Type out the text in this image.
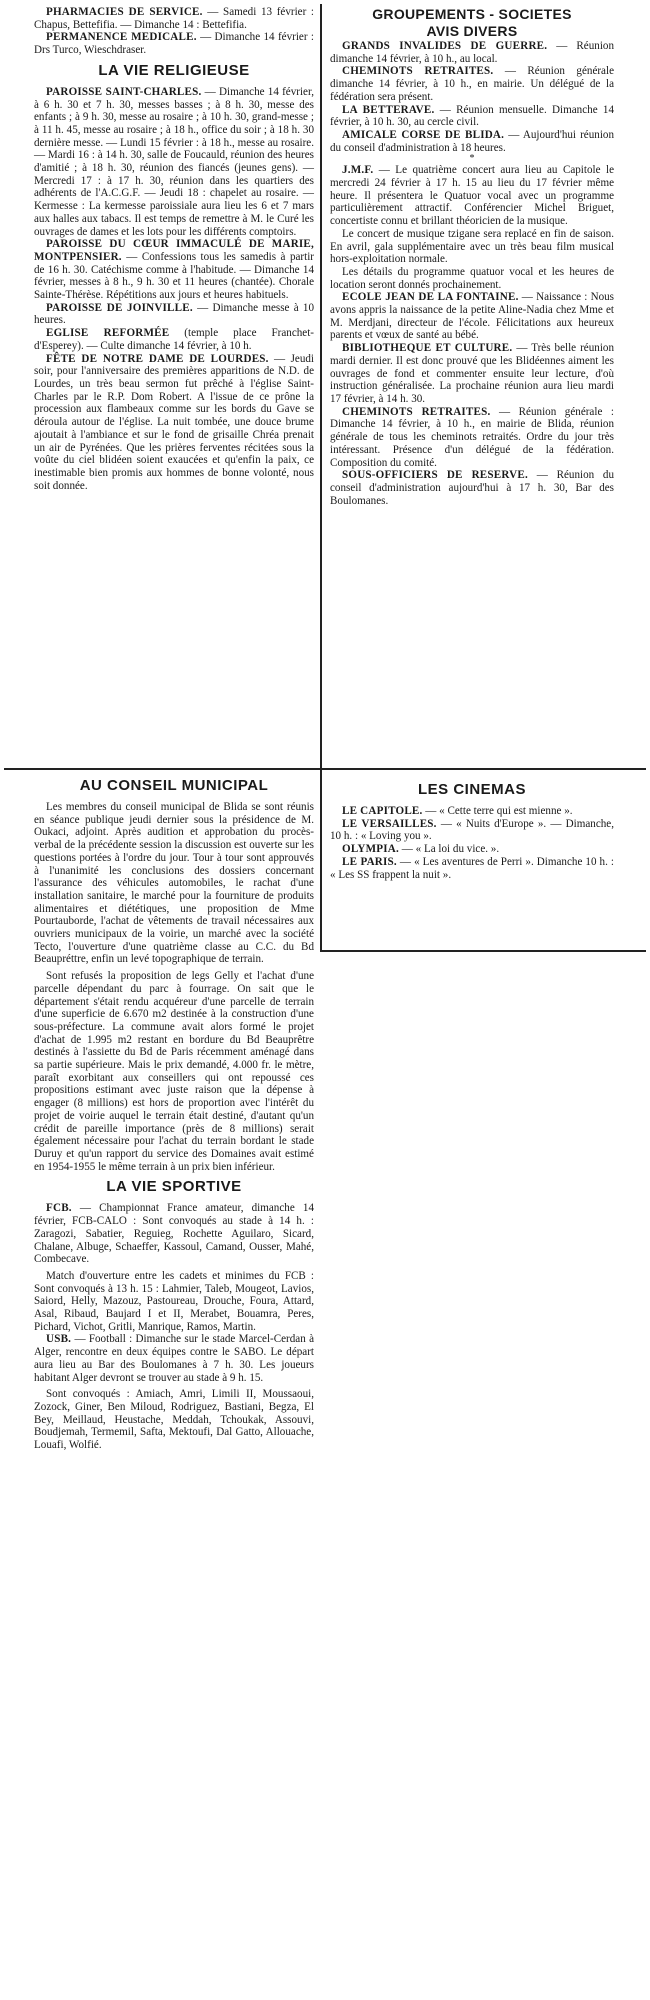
PHARMACIES DE SERVICE. — Samedi 13 février : Chapus, Bettefifia. — Dimanche 14 : Bettefifia.

PERMANENCE MEDICALE. — Dimanche 14 février : Drs Turco, Wieschdraser.

LA VIE RELIGIEUSE

PAROISSE SAINT-CHARLES. — Dimanche 14 février, à 6 h. 30 et 7 h. 30, messes basses ; à 8 h. 30, messe des enfants ; à 9 h. 30, messe au rosaire ; à 10 h. 30, grand-messe ; à 11 h. 45, messe au rosaire ; à 18 h., office du soir ; à 18 h. 30 dernière messe. — Lundi 15 février : à 18 h., messe au rosaire. — Mardi 16 : à 14 h. 30, salle de Foucauld, réunion des heures d'amitié ; à 18 h. 30, réunion des fiancés (jeunes gens). — Mercredi 17 : à 17 h. 30, réunion dans les quartiers des adhérents de l'A.C.G.F. — Jeudi 18 : chapelet au rosaire. — Kermesse : La kermesse paroissiale aura lieu les 6 et 7 mars aux halles aux tabacs. Il est temps de remettre à M. le Curé les ouvrages de dames et les lots pour les différents comptoirs.

PAROISSE DU CŒUR IMMACULÉ DE MARIE, MONTPENSIER. — Confessions tous les samedis à partir de 16 h. 30. Catéchisme comme à l'habitude. — Dimanche 14 février, messes à 8 h., 9 h. 30 et 11 heures (chantée). Chorale Sainte-Thérèse. Répétitions aux jours et heures habituels.

PAROISSE DE JOINVILLE. — Dimanche messe à 10 heures.

EGLISE REFORMÉE (temple place Franchet-d'Esperey). — Culte dimanche 14 février, à 10 h.

FÊTE DE NOTRE DAME DE LOURDES. — Jeudi soir, pour l'anniversaire des premières apparitions de N.D. de Lourdes, un très beau sermon fut prêché à l'église Saint-Charles par le R.P. Dom Robert. A l'issue de ce prône la procession aux flambeaux comme sur les bords du Gave se déroula autour de l'église. La nuit tombée, une douce brume ajoutait à l'ambiance et sur le fond de grisaille Chréa prenait un air de Pyrénées. Que les prières ferventes récitées sous la voûte du ciel blidéen soient exaucées et qu'enfin la paix, ce inestimable bien promis aux hommes de bonne volonté, nous soit donnée.

GROUPEMENTS - SOCIETES
AVIS DIVERS

GRANDS INVALIDES DE GUERRE. — Réunion dimanche 14 février, à 10 h., au local.

CHEMINOTS RETRAITES. — Réunion générale dimanche 14 février, à 10 h., en mairie. Un délégué de la fédération sera présent.

LA BETTERAVE. — Réunion mensuelle. Dimanche 14 février, à 10 h. 30, au cercle civil.

AMICALE CORSE DE BLIDA. — Aujourd'hui réunion du conseil d'administration à 18 heures.

*

J.M.F. — Le quatrième concert aura lieu au Capitole le mercredi 24 février à 17 h. 15 au lieu du 17 février même heure. Il présentera le Quatuor vocal avec un programme particulièrement attractif. Conférencier Michel Briguet, concertiste connu et brillant théoricien de la musique.

Le concert de musique tzigane sera replacé en fin de saison. En avril, gala supplémentaire avec un très beau film musical hors-exploitation normale.

Les détails du programme quatuor vocal et les heures de location seront donnés prochainement.

ECOLE JEAN DE LA FONTAINE. — Naissance : Nous avons appris la naissance de la petite Aline-Nadia chez Mme et M. Merdjani, directeur de l'école. Félicitations aux heureux parents et vœux de santé au bébé.

BIBLIOTHEQUE ET CULTURE. — Très belle réunion mardi dernier. Il est donc prouvé que les Blidéennes aiment les ouvrages de fond et commenter ensuite leur lecture, d'où instruction généralisée. La prochaine réunion aura lieu mardi 17 février, à 14 h. 30.

CHEMINOTS RETRAITES. — Réunion générale : Dimanche 14 février, à 10 h., en mairie de Blida, réunion générale de tous les cheminots retraités. Ordre du jour très intéressant. Présence d'un délégué de la fédération. Composition du comité.

SOUS-OFFICIERS DE RESERVE. — Réunion du conseil d'administration aujourd'hui à 17 h. 30, Bar des Boulomanes.

AU CONSEIL MUNICIPAL

Les membres du conseil municipal de Blida se sont réunis en séance publique jeudi dernier sous la présidence de M. Oukaci, adjoint. Après audition et approbation du procès-verbal de la précédente session la discussion est ouverte sur les questions portées à l'ordre du jour. Tour à tour sont approuvés à l'unanimité les conclusions des dossiers concernant l'assurance des véhicules automobiles, le rachat d'une installation sanitaire, le marché pour la fourniture de produits alimentaires et diététiques, une proposition de Mme Pourtauborde, l'achat de vêtements de travail nécessaires aux ouvriers municipaux de la voirie, un marché avec la société Tecto, l'ouverture d'une quatrième classe au C.C. du Bd Beaupréttre, enfin un levé topographique de terrain.

Sont refusés la proposition de legs Gelly et l'achat d'une parcelle dépendant du parc à fourrage. On sait que le département s'était rendu acquéreur d'une parcelle de terrain d'une superficie de 6.670 m2 destinée à la construction d'une sous-préfecture. La commune avait alors formé le projet d'achat de 1.995 m2 restant en bordure du Bd Beauprêtre destinés à l'assiette du Bd de Paris récemment aménagé dans sa partie supérieure. Mais le prix demandé, 4.000 fr. le mètre, paraît exorbitant aux conseillers qui ont repoussé ces propositions estimant avec juste raison que la dépense à engager (8 millions) est hors de proportion avec l'intérêt du projet de voirie auquel le terrain était destiné, d'autant qu'un crédit de pareille importance (près de 8 millions) serait également nécessaire pour l'achat du terrain bordant le stade Duruy et qu'un rapport du service des Domaines avait estimé en 1954-1955 le même terrain à un prix bien inférieur.

LA VIE SPORTIVE

FCB. — Championnat France amateur, dimanche 14 février, FCB-CALO : Sont convoqués au stade à 14 h. : Zaragozi, Sabatier, Reguieg, Rochette Aguilaro, Sicard, Chalane, Albuge, Schaeffer, Kassoul, Camand, Ousser, Mahé, Combecave.

Match d'ouverture entre les cadets et minimes du FCB : Sont convoqués à 13 h. 15 : Lahmier, Taleb, Mougeot, Lavios, Saiord, Helly, Mazouz, Pastoureau, Drouche, Foura, Attard, Asal, Ribaud, Baujard I et II, Merabet, Bouamra, Peres, Pichard, Vichot, Gritli, Manrique, Ramos, Martin.

USB. — Football : Dimanche sur le stade Marcel-Cerdan à Alger, rencontre en deux équipes contre le SABO. Le départ aura lieu au Bar des Boulomanes à 7 h. 30. Les joueurs habitant Alger devront se trouver au stade à 9 h. 15.

Sont convoqués : Amiach, Amri, Limili II, Moussaoui, Zozock, Giner, Ben Miloud, Rodriguez, Bastiani, Begza, El Bey, Meillaud, Heustache, Meddah, Tchoukak, Assouvi, Boudjemah, Termemil, Safta, Mektoufi, Dal Gatto, Allouache, Louafi, Wolfié.

LES CINEMAS

LE CAPITOLE. — « Cette terre qui est mienne ».

LE VERSAILLES. — « Nuits d'Europe ». — Dimanche, 10 h. : « Loving you ».

OLYMPIA. — « La loi du vice. ».

LE PARIS. — « Les aventures de Perri ». Dimanche 10 h. : « Les SS frappent la nuit ».
